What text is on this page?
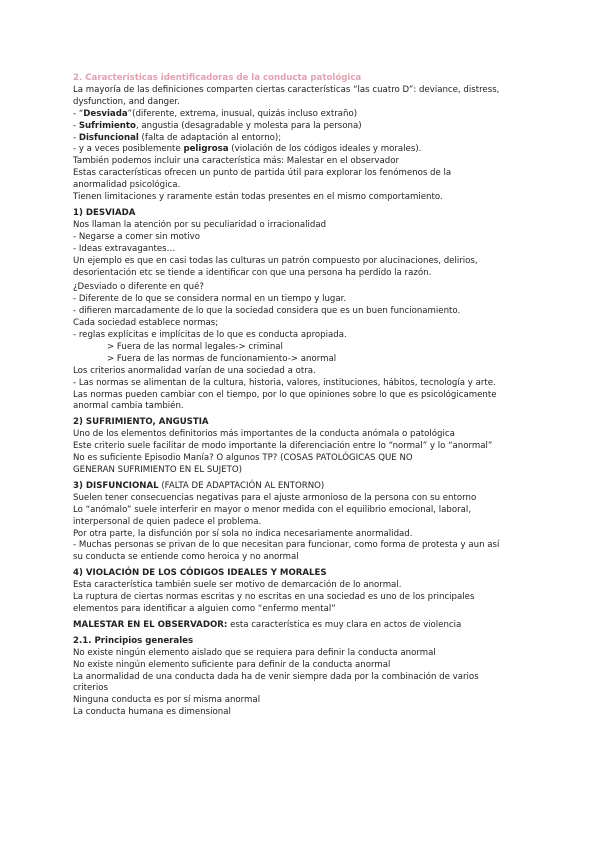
2. Características identificadoras de la conducta patológica
La mayoría de las definiciones comparten ciertas características “las cuatro D”: deviance, distress,
dysfunction, and danger.
- “Desviada”(diferente, extrema, inusual, quizás incluso extraño)
- Sufrimiento, angustia (desagradable y molesta para la persona)
- Disfuncional (falta de adaptación al entorno);
- y a veces posiblemente peligrosa (violación de los códigos ideales y morales).
También podemos incluir una característica más: Malestar en el observador
Estas características ofrecen un punto de partida útil para explorar los fenómenos de la
anormalidad psicológica.
Tienen limitaciones y raramente están todas presentes en el mismo comportamiento.
1) DESVIADA
Nos llaman la atención por su peculiaridad o irracionalidad
- Negarse a comer sin motivo
- Ideas extravagantes…
Un ejemplo es que en casi todas las culturas un patrón compuesto por alucinaciones, delirios,
desorientación etc se tiende a identificar con que una persona ha perdido la razón.
¿Desviado o diferente en qué?
- Diferente de lo que se considera normal en un tiempo y lugar.
- difieren marcadamente de lo que la sociedad considera que es un buen funcionamiento.
Cada sociedad establece normas;
- reglas explícitas e implícitas de lo que es conducta apropiada.
> Fuera de las normal legales-> criminal
> Fuera de las normas de funcionamiento-> anormal
Los criterios anormalidad varían de una sociedad a otra.
- Las normas se alimentan de la cultura, historia, valores, instituciones, hábitos, tecnología y arte.
Las normas pueden cambiar con el tiempo, por lo que opiniones sobre lo que es psicológicamente
anormal cambia también.
2) SUFRIMIENTO, ANGUSTIA
Uno de los elementos definitorios más importantes de la conducta anómala o patológica
Este criterio suele facilitar de modo importante la diferenciación entre lo “normal” y lo “anormal”
No es suficiente Episodio Manía? O algunos TP? (COSAS PATOLÓGICAS QUE NO
GENERAN SUFRIMIENTO EN EL SUJETO)
3) DISFUNCIONAL (FALTA DE ADAPTACIÓN AL ENTORNO)
Suelen tener consecuencias negativas para el ajuste armonioso de la persona con su entorno
Lo “anómalo” suele interferir en mayor o menor medida con el equilibrio emocional, laboral,
interpersonal de quien padece el problema.
Por otra parte, la disfunción por sí sola no indica necesariamente anormalidad.
- Muchas personas se privan de lo que necesitan para funcionar, como forma de protesta y aun así
su conducta se entiende como heroica y no anormal
4) VIOLACIÓN DE LOS CÓDIGOS IDEALES Y MORALES
Esta característica también suele ser motivo de demarcación de lo anormal.
La ruptura de ciertas normas escritas y no escritas en una sociedad es uno de los principales
elementos para identificar a alguien como “enfermo mental”
MALESTAR EN EL OBSERVADOR: esta característica es muy clara en actos de violencia
2.1. Principios generales
No existe ningún elemento aislado que se requiera para definir la conducta anormal
No existe ningún elemento suficiente para definir de la conducta anormal
La anormalidad de una conducta dada ha de venir siempre dada por la combinación de varios
criterios
Ninguna conducta es por sí misma anormal
La conducta humana es dimensional
